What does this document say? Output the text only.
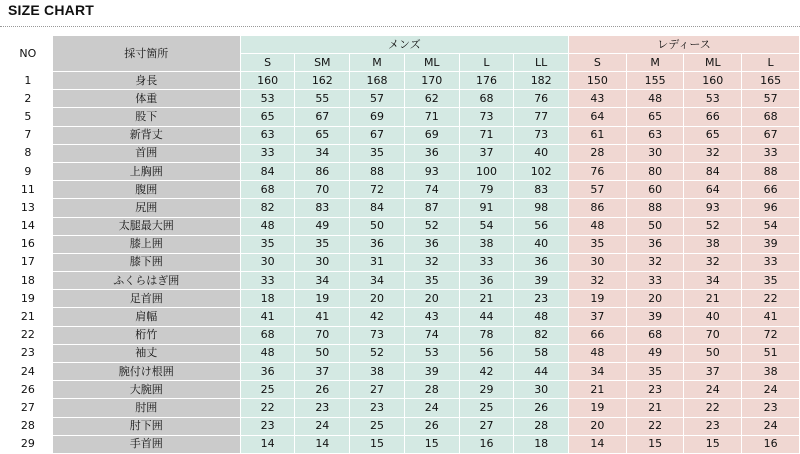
SIZE CHART
NO	採寸箇所	メンズ						レディース			
		S	SM	M	ML	L	LL	S	M	ML	L
1	身長	160	162	168	170	176	182	150	155	160	165
2	体重	53	55	57	62	68	76	43	48	53	57
5	股下	65	67	69	71	73	77	64	65	66	68
7	新背丈	63	65	67	69	71	73	61	63	65	67
8	首囲	33	34	35	36	37	40	28	30	32	33
9	上胸囲	84	86	88	93	100	102	76	80	84	88
11	腹囲	68	70	72	74	79	83	57	60	64	66
13	尻囲	82	83	84	87	91	98	86	88	93	96
14	太腿最大囲	48	49	50	52	54	56	48	50	52	54
16	膝上囲	35	35	36	36	38	40	35	36	38	39
17	膝下囲	30	30	31	32	33	36	30	32	32	33
18	ふくらはぎ囲	33	34	34	35	36	39	32	33	34	35
19	足首囲	18	19	20	20	21	23	19	20	21	22
21	肩幅	41	41	42	43	44	48	37	39	40	41
22	桁竹	68	70	73	74	78	82	66	68	70	72
23	袖丈	48	50	52	53	56	58	48	49	50	51
24	腕付け根囲	36	37	38	39	42	44	34	35	37	38
26	大腕囲	25	26	27	28	29	30	21	23	24	24
27	肘囲	22	23	23	24	25	26	19	21	22	23
28	肘下囲	23	24	25	26	27	28	20	22	23	24
29	手首囲	14	14	15	15	16	18	14	15	15	16
